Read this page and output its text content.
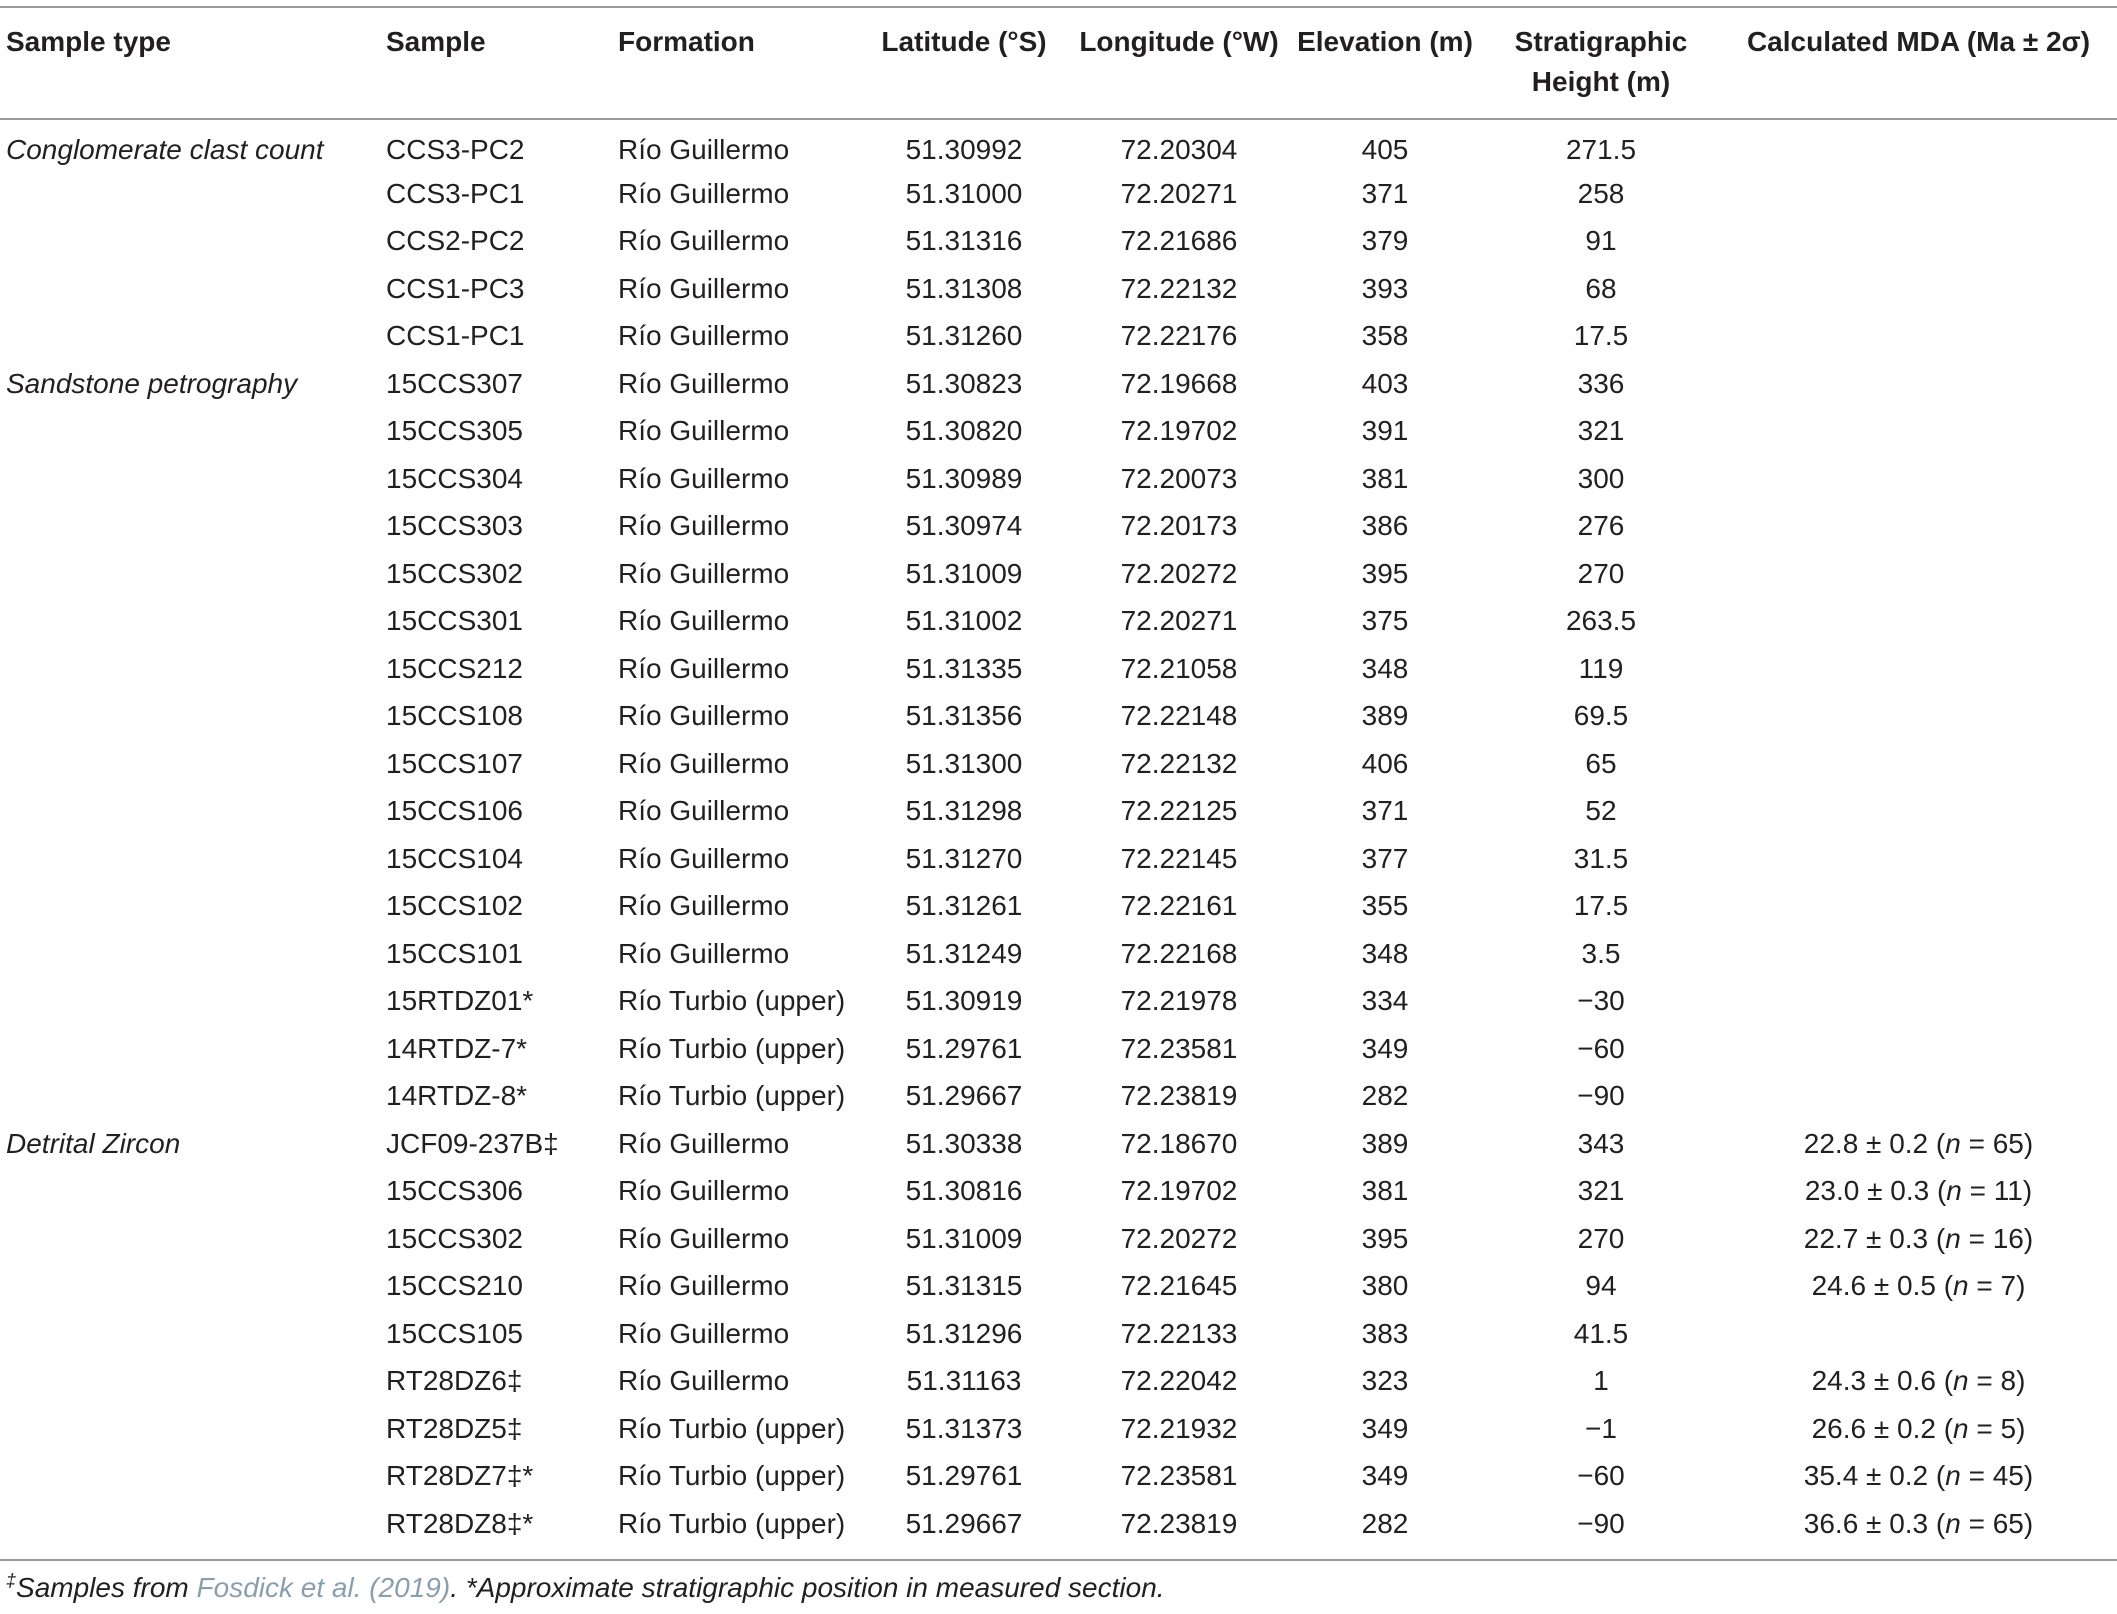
Sample type	Sample	Formation	Latitude (°S)	Longitude (°W)	Elevation (m)	Stratigraphic Height (m)	Calculated MDA (Ma ± 2σ)
Conglomerate clast count	CCS3-PC2	Río Guillermo	51.30992	72.20304	405	271.5	
	CCS3-PC1	Río Guillermo	51.31000	72.20271	371	258	
	CCS2-PC2	Río Guillermo	51.31316	72.21686	379	91	
	CCS1-PC3	Río Guillermo	51.31308	72.22132	393	68	
	CCS1-PC1	Río Guillermo	51.31260	72.22176	358	17.5	
Sandstone petrography	15CCS307	Río Guillermo	51.30823	72.19668	403	336	
	15CCS305	Río Guillermo	51.30820	72.19702	391	321	
	15CCS304	Río Guillermo	51.30989	72.20073	381	300	
	15CCS303	Río Guillermo	51.30974	72.20173	386	276	
	15CCS302	Río Guillermo	51.31009	72.20272	395	270	
	15CCS301	Río Guillermo	51.31002	72.20271	375	263.5	
	15CCS212	Río Guillermo	51.31335	72.21058	348	119	
	15CCS108	Río Guillermo	51.31356	72.22148	389	69.5	
	15CCS107	Río Guillermo	51.31300	72.22132	406	65	
	15CCS106	Río Guillermo	51.31298	72.22125	371	52	
	15CCS104	Río Guillermo	51.31270	72.22145	377	31.5	
	15CCS102	Río Guillermo	51.31261	72.22161	355	17.5	
	15CCS101	Río Guillermo	51.31249	72.22168	348	3.5	
	15RTDZ01*	Río Turbio (upper)	51.30919	72.21978	334	−30	
	14RTDZ-7*	Río Turbio (upper)	51.29761	72.23581	349	−60	
	14RTDZ-8*	Río Turbio (upper)	51.29667	72.23819	282	−90	
Detrital Zircon	JCF09-237B‡	Río Guillermo	51.30338	72.18670	389	343	22.8 ± 0.2 (n = 65)
	15CCS306	Río Guillermo	51.30816	72.19702	381	321	23.0 ± 0.3 (n = 11)
	15CCS302	Río Guillermo	51.31009	72.20272	395	270	22.7 ± 0.3 (n = 16)
	15CCS210	Río Guillermo	51.31315	72.21645	380	94	24.6 ± 0.5 (n = 7)
	15CCS105	Río Guillermo	51.31296	72.22133	383	41.5	
	RT28DZ6‡	Río Guillermo	51.31163	72.22042	323	1	24.3 ± 0.6 (n = 8)
	RT28DZ5‡	Río Turbio (upper)	51.31373	72.21932	349	−1	26.6 ± 0.2 (n = 5)
	RT28DZ7‡*	Río Turbio (upper)	51.29761	72.23581	349	−60	35.4 ± 0.2 (n = 45)
	RT28DZ8‡*	Río Turbio (upper)	51.29667	72.23819	282	−90	36.6 ± 0.3 (n = 65)
‡Samples from Fosdick et al. (2019). *Approximate stratigraphic position in measured section.
